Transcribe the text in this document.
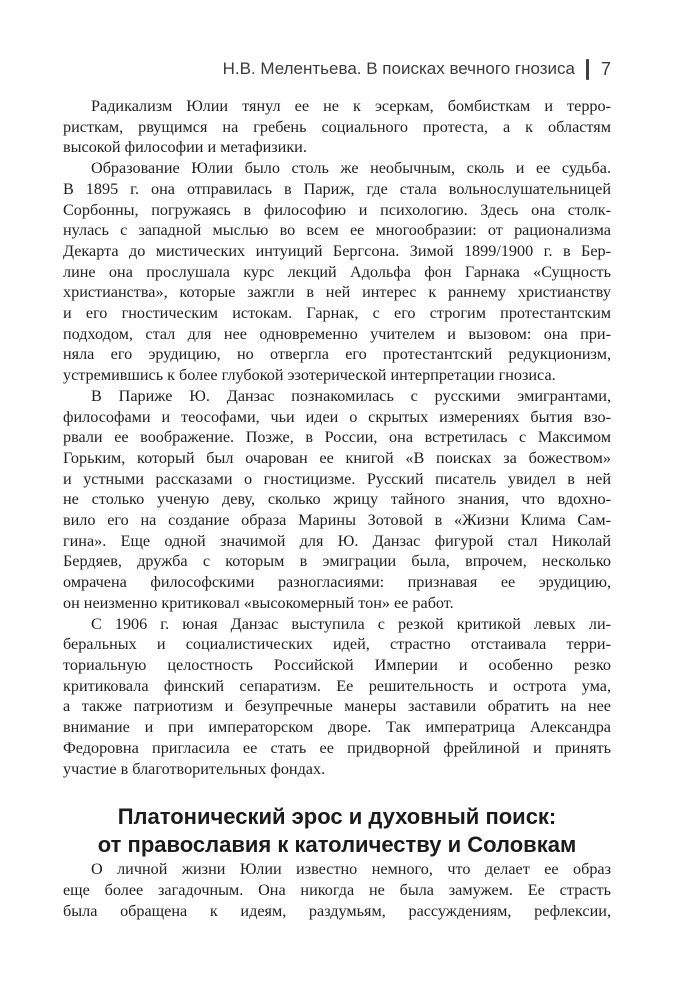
Н.В. Мелентьева. В поисках вечного гнозиса 7
Радикализм Юлии тянул ее не к эсеркам, бомбисткам и терро-
ристкам, рвущимся на гребень социального протеста, а к областям
высокой философии и метафизики.
Образование Юлии было столь же необычным, сколь и ее судьба.
В 1895 г. она отправилась в Париж, где стала вольнослушательницей
Сорбонны, погружаясь в философию и психологию. Здесь она столк-
нулась с западной мыслью во всем ее многообразии: от рационализма
Декарта до мистических интуиций Бергсона. Зимой 1899/1900 г. в Бер-
лине она прослушала курс лекций Адольфа фон Гарнака «Сущность
христианства», которые зажгли в ней интерес к раннему христианству
и его гностическим истокам. Гарнак, с его строгим протестантским
подходом, стал для нее одновременно учителем и вызовом: она при-
няла его эрудицию, но отвергла его протестантский редукционизм,
устремившись к более глубокой эзотерической интерпретации гнозиса.
В Париже Ю. Данзас познакомилась с русскими эмигрантами,
философами и теософами, чьи идеи о скрытых измерениях бытия взо-
рвали ее воображение. Позже, в России, она встретилась с Максимом
Горьким, который был очарован ее книгой «В поисках за божеством»
и устными рассказами о гностицизме. Русский писатель увидел в ней
не столько ученую деву, сколько жрицу тайного знания, что вдохно-
вило его на создание образа Марины Зотовой в «Жизни Клима Сам-
гина». Еще одной значимой для Ю. Данзас фигурой стал Николай
Бердяев, дружба с которым в эмиграции была, впрочем, несколько
омрачена философскими разногласиями: признавая ее эрудицию,
он неизменно критиковал «высокомерный тон» ее работ.
С 1906 г. юная Данзас выступила с резкой критикой левых ли-
беральных и социалистических идей, страстно отстаивала терри-
ториальную целостность Российской Империи и особенно резко
критиковала финский сепаратизм. Ее решительность и острота ума,
а также патриотизм и безупречные манеры заставили обратить на нее
внимание и при императорском дворе. Так императрица Александра
Федоровна пригласила ее стать ее придворной фрейлиной и принять
участие в благотворительных фондах.
Платонический эрос и духовный поиск:
от православия к католичеству и Соловкам
О личной жизни Юлии известно немного, что делает ее образ
еще более загадочным. Она никогда не была замужем. Ее страсть
была обращена к идеям, раздумьям, рассуждениям, рефлексии,
